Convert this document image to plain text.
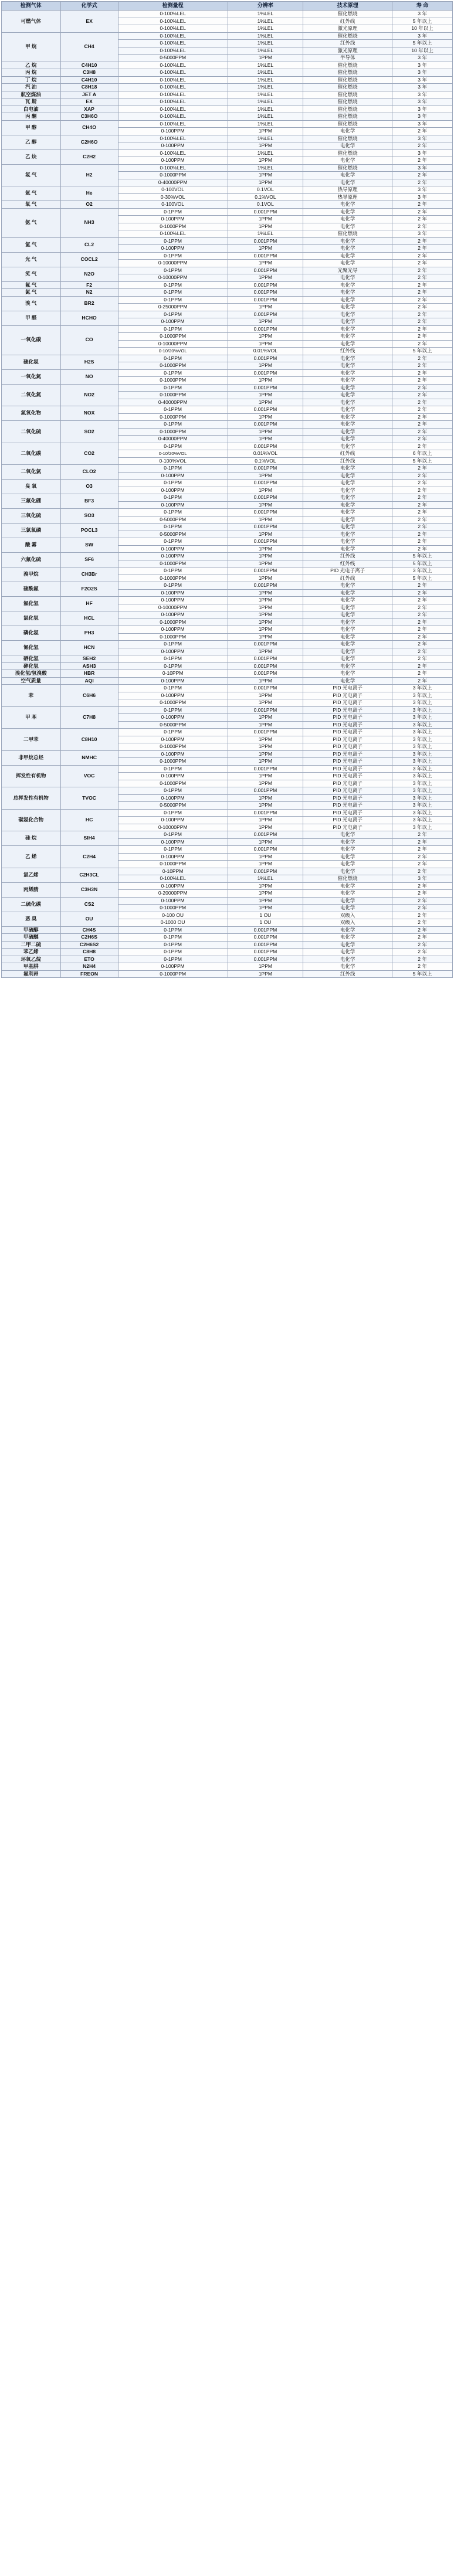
检测气体	化学式	检测量程	分辨率	技术原理	寿 命
可燃气体	EX	0-100%LEL	1%LEL	催化燃烧	3 年
		0-100%LEL	1%LEL	红外线	5 年以上
		0-100%LEL	1%LEL	激光原理	10 年以上
甲 烷	CH4	0-100%LEL	1%LEL	催化燃烧	3 年
		0-100%LEL	1%LEL	红外线	5 年以上
		0-100%LEL	1%LEL	激光原理	10 年以上
		0-5000PPM	1PPM	半导体	3 年
乙 烷	C4H10	0-100%LEL	1%LEL	催化燃烧	3 年
丙 烷	C3H8	0-100%LEL	1%LEL	催化燃烧	3 年
丁 烷	C4H10	0-100%LEL	1%LEL	催化燃烧	3 年
汽 油	C8H18	0-100%LEL	1%LEL	催化燃烧	3 年
航空煤油	JET A	0-100%LEL	1%LEL	催化燃烧	3 年
瓦 斯	EX	0-100%LEL	1%LEL	催化燃烧	3 年
白电油	XAP	0-100%LEL	1%LEL	催化燃烧	3 年
丙 酮	C3H6O	0-100%LEL	1%LEL	催化燃烧	3 年
甲 醇	CH4O	0-100%LEL	1%LEL	催化燃烧	3 年
		0-100PPM	1PPM	电化学	2 年
乙 醇	C2H6O	0-100%LEL	1%LEL	催化燃烧	3 年
		0-100PPM	1PPM	电化学	2 年
乙 炔	C2H2	0-100%LEL	1%LEL	催化燃烧	3 年
		0-100PPM	1PPM	电化学	2 年
氢 气	H2	0-100%LEL	1%LEL	催化燃烧	3 年
		0-1000PPM	1PPM	电化学	2 年
		0-40000PPM	1PPM	电化学	2 年
氦 气	He	0-100VOL	0.1VOL	热导原理	3 年
		0-30%VOL	0.1%VOL	热导原理	3 年
氧 气	O2	0-100VOL	0.1VOL	电化学	2 年
氨 气	NH3	0-1PPM	0.001PPM	电化学	2 年
		0-100PPM	1PPM	电化学	2 年
		0-1000PPM	1PPM	电化学	2 年
		0-100%LEL	1%LEL	催化燃烧	3 年
氯 气	CL2	0-1PPM	0.001PPM	电化学	2 年
		0-100PPM	1PPM	电化学	2 年
光 气	COCL2	0-1PPM	0.001PPM	电化学	2 年
		0-10000PPM	1PPM	电化学	2 年
笑 气	N2O	0-1PPM	0.001PPM	光聚光导	2 年
		0-10000PPM	1PPM	电化学	2 年
氟 气	F2	0-1PPM	0.001PPM	电化学	2 年
氮 气	N2	0-1PPM	0.001PPM	电化学	2 年
溴 气	BR2	0-1PPM	0.001PPM	电化学	2 年
		0-25000PPM	1PPM	电化学	2 年
甲 醛	HCHO	0-1PPM	0.001PPM	电化学	2 年
		0-100PPM	1PPM	电化学	2 年
一氧化碳	CO	0-1PPM	0.001PPM	电化学	2 年
		0-1000PPM	1PPM	电化学	2 年
		0-10000PPM	1PPM	电化学	2 年
		0-10/20%VOL	0.01%VOL	红外线	5 年以上
硫化氢	H2S	0-1PPM	0.001PPM	电化学	2 年
		0-1000PPM	1PPM	电化学	2 年
一氧化氮	NO	0-1PPM	0.001PPM	电化学	2 年
		0-1000PPM	1PPM	电化学	2 年
二氧化氮	NO2	0-1PPM	0.001PPM	电化学	2 年
		0-1000PPM	1PPM	电化学	2 年
		0-40000PPM	1PPM	电化学	2 年
氮氧化物	NOX	0-1PPM	0.001PPM	电化学	2 年
		0-1000PPM	1PPM	电化学	2 年
二氧化硫	SO2	0-1PPM	0.001PPM	电化学	2 年
		0-1000PPM	1PPM	电化学	2 年
		0-40000PPM	1PPM	电化学	2 年
二氧化碳	CO2	0-1PPM	0.001PPM	电化学	2 年
		0-10/20%VOL	0.01%VOL	红外线	6 年以上
		0-100%VOL	0.1%VOL	红外线	5 年以上
二氧化氯	CLO2	0-1PPM	0.001PPM	电化学	2 年
		0-100PPM	1PPM	电化学	2 年
臭 氧	O3	0-1PPM	0.001PPM	电化学	2 年
		0-100PPM	1PPM	电化学	2 年
三氟化硼	BF3	0-1PPM	0.001PPM	电化学	2 年
		0-100PPM	1PPM	电化学	2 年
三氧化硫	SO3	0-1PPM	0.001PPM	电化学	2 年
		0-5000PPM	1PPM	电化学	2 年
三氯氧磷	POCL3	0-1PPM	0.001PPM	电化学	2 年
		0-5000PPM	1PPM	电化学	2 年
酸 雾	SW	0-1PPM	0.001PPM	电化学	2 年
		0-100PPM	1PPM	电化学	2 年
六氟化硫	SF6	0-100PPM	1PPM	红外线	5 年以上
		0-1000PPM	1PPM	红外线	5 年以上
溴甲烷	CH3Br	0-1PPM	0.001PPM	PID 光电子离子	3 年以上
		0-1000PPM	1PPM	红外线	5 年以上
硫酰氟	F2O2S	0-1PPM	0.001PPM	电化学	2 年
		0-100PPM	1PPM	电化学	2 年
氟化氢	HF	0-100PPM	1PPM	电化学	2 年
		0-10000PPM	1PPM	电化学	2 年
氯化氢	HCL	0-100PPM	1PPM	电化学	2 年
		0-1000PPM	1PPM	电化学	2 年
磷化氢	PH3	0-100PPM	1PPM	电化学	2 年
		0-1000PPM	1PPM	电化学	2 年
氰化氢	HCN	0-1PPM	0.001PPM	电化学	2 年
		0-100PPM	1PPM	电化学	2 年
硒化氢	SEH2	0-1PPM	0.001PPM	电化学	2 年
砷化氢	ASH3	0-1PPM	0.001PPM	电化学	2 年
溴化氢/氢溴酸	HBR	0-10PPM	0.001PPM	电化学	2 年
空气质量	AQI	0-100PPM	1PPM	电化学	2 年
苯	C6H6	0-1PPM	0.001PPM	PID 光电离子	3 年以上
		0-100PPM	1PPM	PID 光电离子	3 年以上
		0-1000PPM	1PPM	PID 光电离子	3 年以上
甲 苯	C7H8	0-1PPM	0.001PPM	PID 光电离子	3 年以上
		0-100PPM	1PPM	PID 光电离子	3 年以上
		0-5000PPM	1PPM	PID 光电离子	3 年以上
二甲苯	C8H10	0-1PPM	0.001PPM	PID 光电离子	3 年以上
		0-100PPM	1PPM	PID 光电离子	3 年以上
		0-1000PPM	1PPM	PID 光电离子	3 年以上
非甲烷总烃	NMHC	0-100PPM	1PPM	PID 光电离子	3 年以上
		0-1000PPM	1PPM	PID 光电离子	3 年以上
挥发性有机物	VOC	0-1PPM	0.001PPM	PID 光电离子	3 年以上
		0-100PPM	1PPM	PID 光电离子	3 年以上
		0-1000PPM	1PPM	PID 光电离子	3 年以上
总挥发性有机物	TVOC	0-1PPM	0.001PPM	PID 光电离子	3 年以上
		0-100PPM	1PPM	PID 光电离子	3 年以上
		0-5000PPM	1PPM	PID 光电离子	3 年以上
碳氢化合物	HC	0-1PPM	0.001PPM	PID 光电离子	3 年以上
		0-100PPM	1PPM	PID 光电离子	3 年以上
		0-10000PPM	1PPM	PID 光电离子	3 年以上
硅 烷	SIH4	0-1PPM	0.001PPM	电化学	2 年
		0-100PPM	1PPM	电化学	2 年
乙 烯	C2H4	0-1PPM	0.001PPM	电化学	2 年
		0-100PPM	1PPM	电化学	2 年
		0-1000PPM	1PPM	电化学	2 年
氯乙烯	C2H3CL	0-10PPM	0.001PPM	电化学	2 年
		0-100%LEL	1%LEL	催化燃烧	3 年
丙烯腈	C3H3N	0-100PPM	1PPM	电化学	2 年
		0-20000PPM	1PPM	电化学	2 年
二硫化碳	CS2	0-100PPM	1PPM	电化学	2 年
		0-1000PPM	1PPM	电化学	2 年
恶 臭	OU	0-100 OU	1 OU	双级入	2 年
		0-1000 OU	1 OU	双级入	2 年
甲硫醇	CH4S	0-1PPM	0.001PPM	电化学	2 年
甲硫醚	C2H6S	0-1PPM	0.001PPM	电化学	2 年
二甲二硫	C2H6S2	0-1PPM	0.001PPM	电化学	2 年
苯乙烯	C8H8	0-1PPM	0.001PPM	电化学	2 年
环氧乙烷	ETO	0-1PPM	0.001PPM	电化学	2 年
甲基肼	N2H4	0-100PPM	1PPM	电化学	2 年
氟利昂	FREON	0-1000PPM	1PPM	红外线	5 年以上
